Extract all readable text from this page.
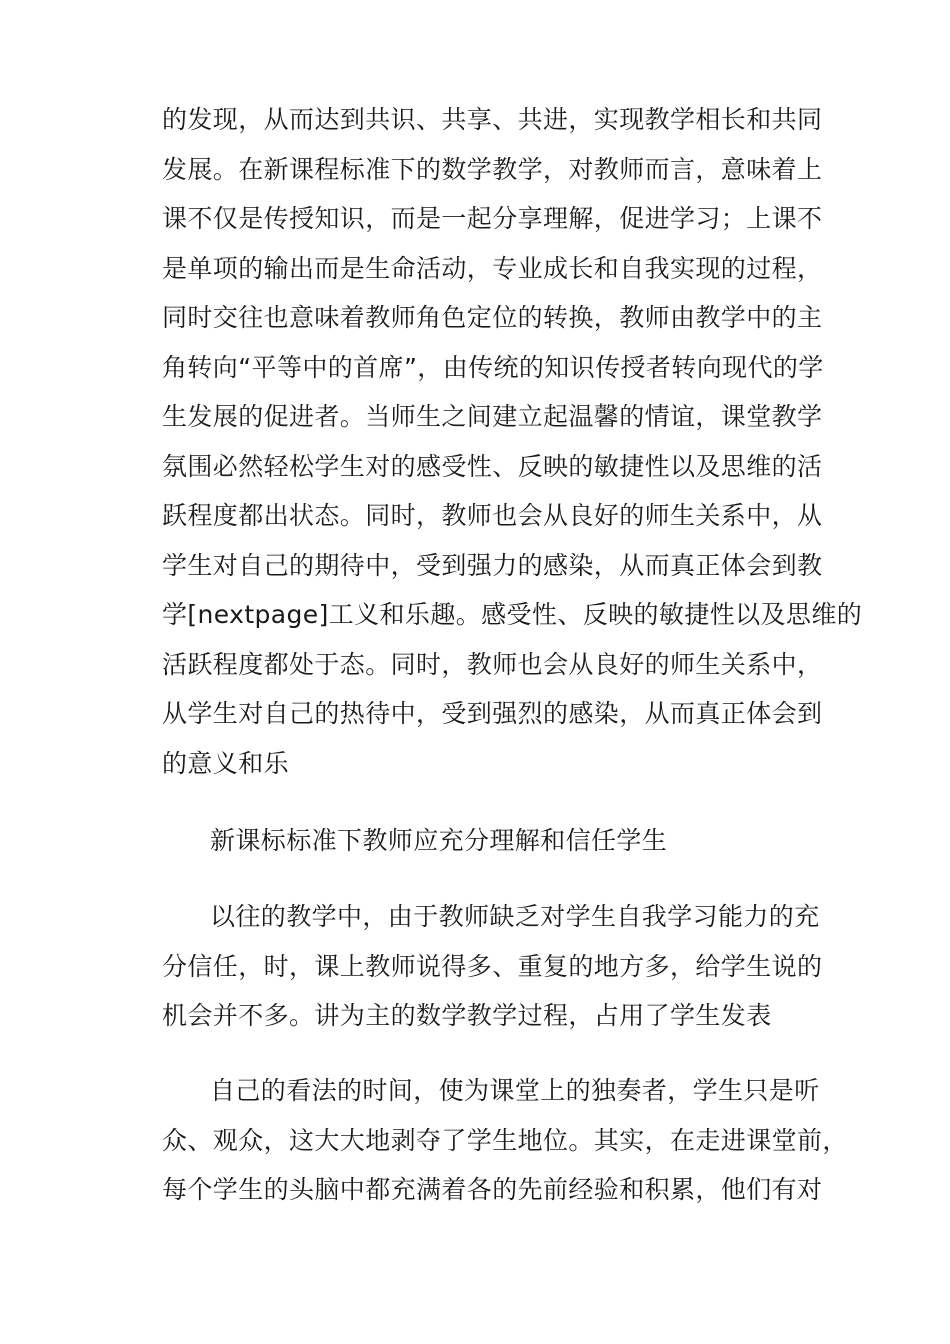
的发现，从而达到共识、共享、共进，实现教学相长和共同
发展。在新课程标准下的数学教学，对教师而言，意味着上
课不仅是传授知识，而是一起分享理解，促进学习；上课不
是单项的输出而是生命活动，专业成长和自我实现的过程，
同时交往也意味着教师角色定位的转换，教师由教学中的主
角转向“平等中的首席”，由传统的知识传授者转向现代的学
生发展的促进者。当师生之间建立起温馨的情谊，课堂教学
氛围必然轻松学生对的感受性、反映的敏捷性以及思维的活
跃程度都出状态。同时，教师也会从良好的师生关系中，从
学生对自己的期待中，受到强力的感染，从而真正体会到教
学[nextpage]工义和乐趣。感受性、反映的敏捷性以及思维的
活跃程度都处于态。同时，教师也会从良好的师生关系中，
从学生对自己的热待中，受到强烈的感染，从而真正体会到
的意义和乐
新课标标准下教师应充分理解和信任学生
以往的教学中，由于教师缺乏对学生自我学习能力的充
分信任，时，课上教师说得多、重复的地方多，给学生说的
机会并不多。讲为主的数学教学过程，占用了学生发表
自己的看法的时间，使为课堂上的独奏者，学生只是听
众、观众，这大大地剥夺了学生地位。其实，在走进课堂前，
每个学生的头脑中都充满着各的先前经验和积累，他们有对
